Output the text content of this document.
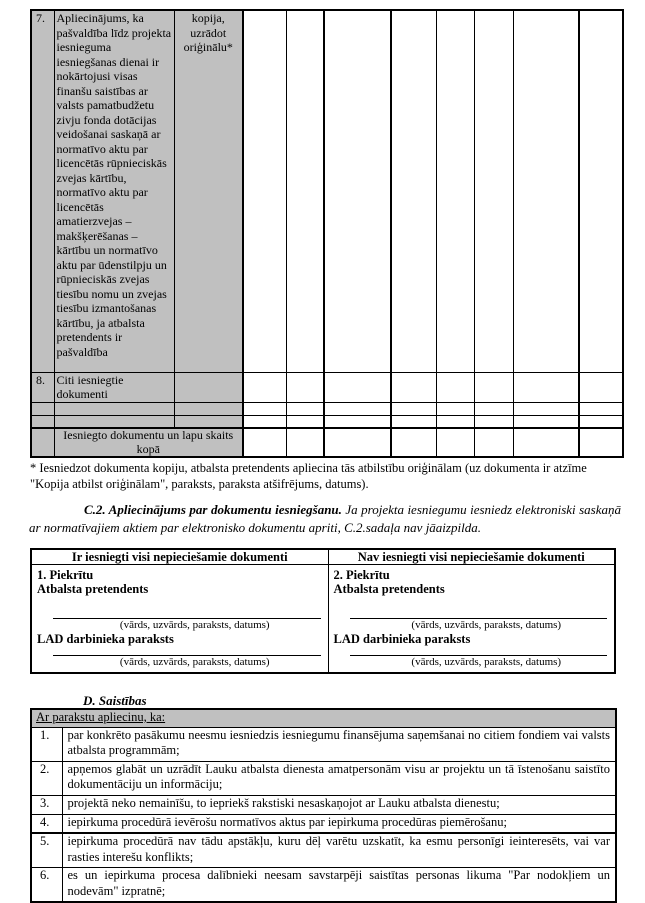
7.	Apliecinājums, ka pašvaldība līdz projekta iesnieguma iesniegšanas dienai ir nokārtojusi visas finanšu saistības ar valsts pamatbudžetu zivju fonda dotācijas veidošanai saskaņā ar normatīvo aktu par licencētās rūpnieciskās zvejas kārtību, normatīvo aktu par licencētās amatierzvejas – makšķerēšanas – kārtību un normatīvo aktu par ūdenstilpju un rūpnieciskās zvejas tiesību nomu un zvejas tiesību izmantošanas kārtību, ja atbalsta pretendents ir pašvaldība	kopija, uzrādot oriģinālu*								
8.	Citi iesniegtie dokumenti									

	Iesniegto dokumentu un lapu skaits kopā									
* Iesniedzot dokumenta kopiju, atbalsta pretendents apliecina tās atbilstību oriģinālam (uz dokumenta ir atzīme "Kopija atbilst oriģinālam", paraksts, paraksta atšifrējums, datums).
C.2. Apliecinājums par dokumentu iesniegšanu. Ja projekta iesniegumu iesniedz elektroniski saskaņā ar normatīvajiem aktiem par elektronisko dokumentu apriti, C.2.sadaļa nav jāaizpilda.
Ir iesniegti visi nepieciešamie dokumenti	Nav iesniegti visi nepieciešamie dokumenti

1. Piekrītu
Atbalsta pretendents
(vārds, uzvārds, paraksts, datums)
LAD darbinieka paraksts
(vārds, uzvārds, paraksts, datums)

2. Piekrītu
Atbalsta pretendents
(vārds, uzvārds, paraksts, datums)
LAD darbinieka paraksts
(vārds, uzvārds, paraksts, datums)
D. Saistības
Ar parakstu apliecinu, ka:	
1.	par konkrēto pasākumu neesmu iesniedzis iesniegumu finansējuma saņemšanai no citiem fondiem vai valsts atbalsta programmām;
2.	apņemos glabāt un uzrādīt Lauku atbalsta dienesta amatpersonām visu ar projektu un tā īstenošanu saistīto dokumentāciju un informāciju;
3.	projektā neko nemainīšu, to iepriekš rakstiski nesaskaņojot ar Lauku atbalsta dienestu;
4.	iepirkuma procedūrā ievērošu normatīvos aktus par iepirkuma procedūras piemērošanu;
5.	iepirkuma procedūrā nav tādu apstākļu, kuru dēļ varētu uzskatīt, ka esmu personīgi ieinteresēts, vai var rasties interešu konflikts;
6.	es un iepirkuma procesa dalībnieki neesam savstarpēji saistītas personas likuma "Par nodokļiem un nodevām" izpratnē;
